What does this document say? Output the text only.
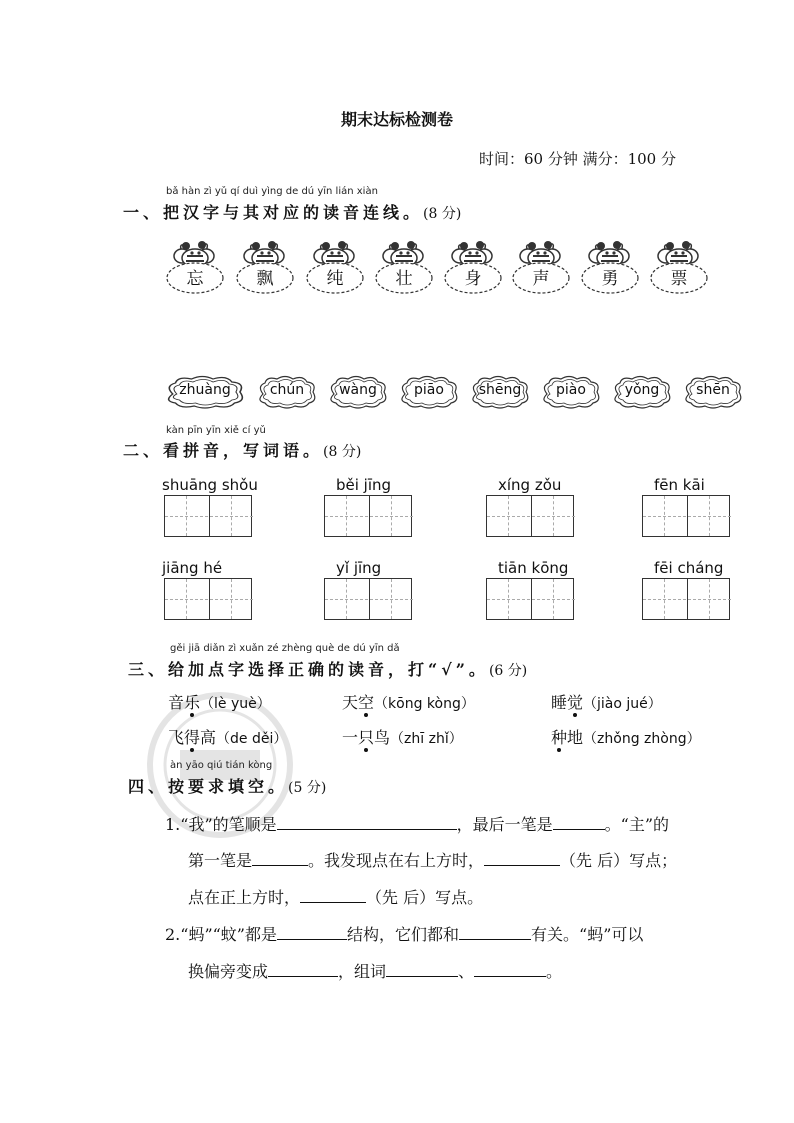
期末达标检测卷
时间：60 分钟 满分：100 分
bǎ hàn zì yǔ qí duì yìng de dú yīn lián xiàn
一、把汉字与其对应的读音连线。(8 分)
kàn pīn yīn xiě cí yǔ
二、看拼音，写词语。(8 分)
gěi jiā diǎn zì xuǎn zé zhèng què de dú yīn dǎ
三、给加点字选择正确的读音，打“√”。(6 分)
àn yāo qiú tián kòng
四、按要求填空。(5 分)
1.“我”的笔顺是	，最后一笔是	。“主”的
第一笔是	。我发现点在右上方时，	（先 后）写点；
点在正上方时，	（先 后）写点。
2.“蚂”“蚊”都是	结构，它们都和	有关。“蚂”可以
换偏旁变成	，组词	、	。
忘	飘	纯	壮	身	声	勇	票
zhuàng	chún	wàng	piāo	shēng	piào	yǒng	shēn
shuāng shǒu	běi jīng	xíng zǒu	fēn kāi
jiāng hé	yǐ jīng	tiān kōng	fēi cháng
音乐（lè yuè）	天空（kōng kòng）	睡觉（jiào jué）
飞得高（de děi）	一只鸟（zhī zhǐ）	种地（zhǒng zhòng）
